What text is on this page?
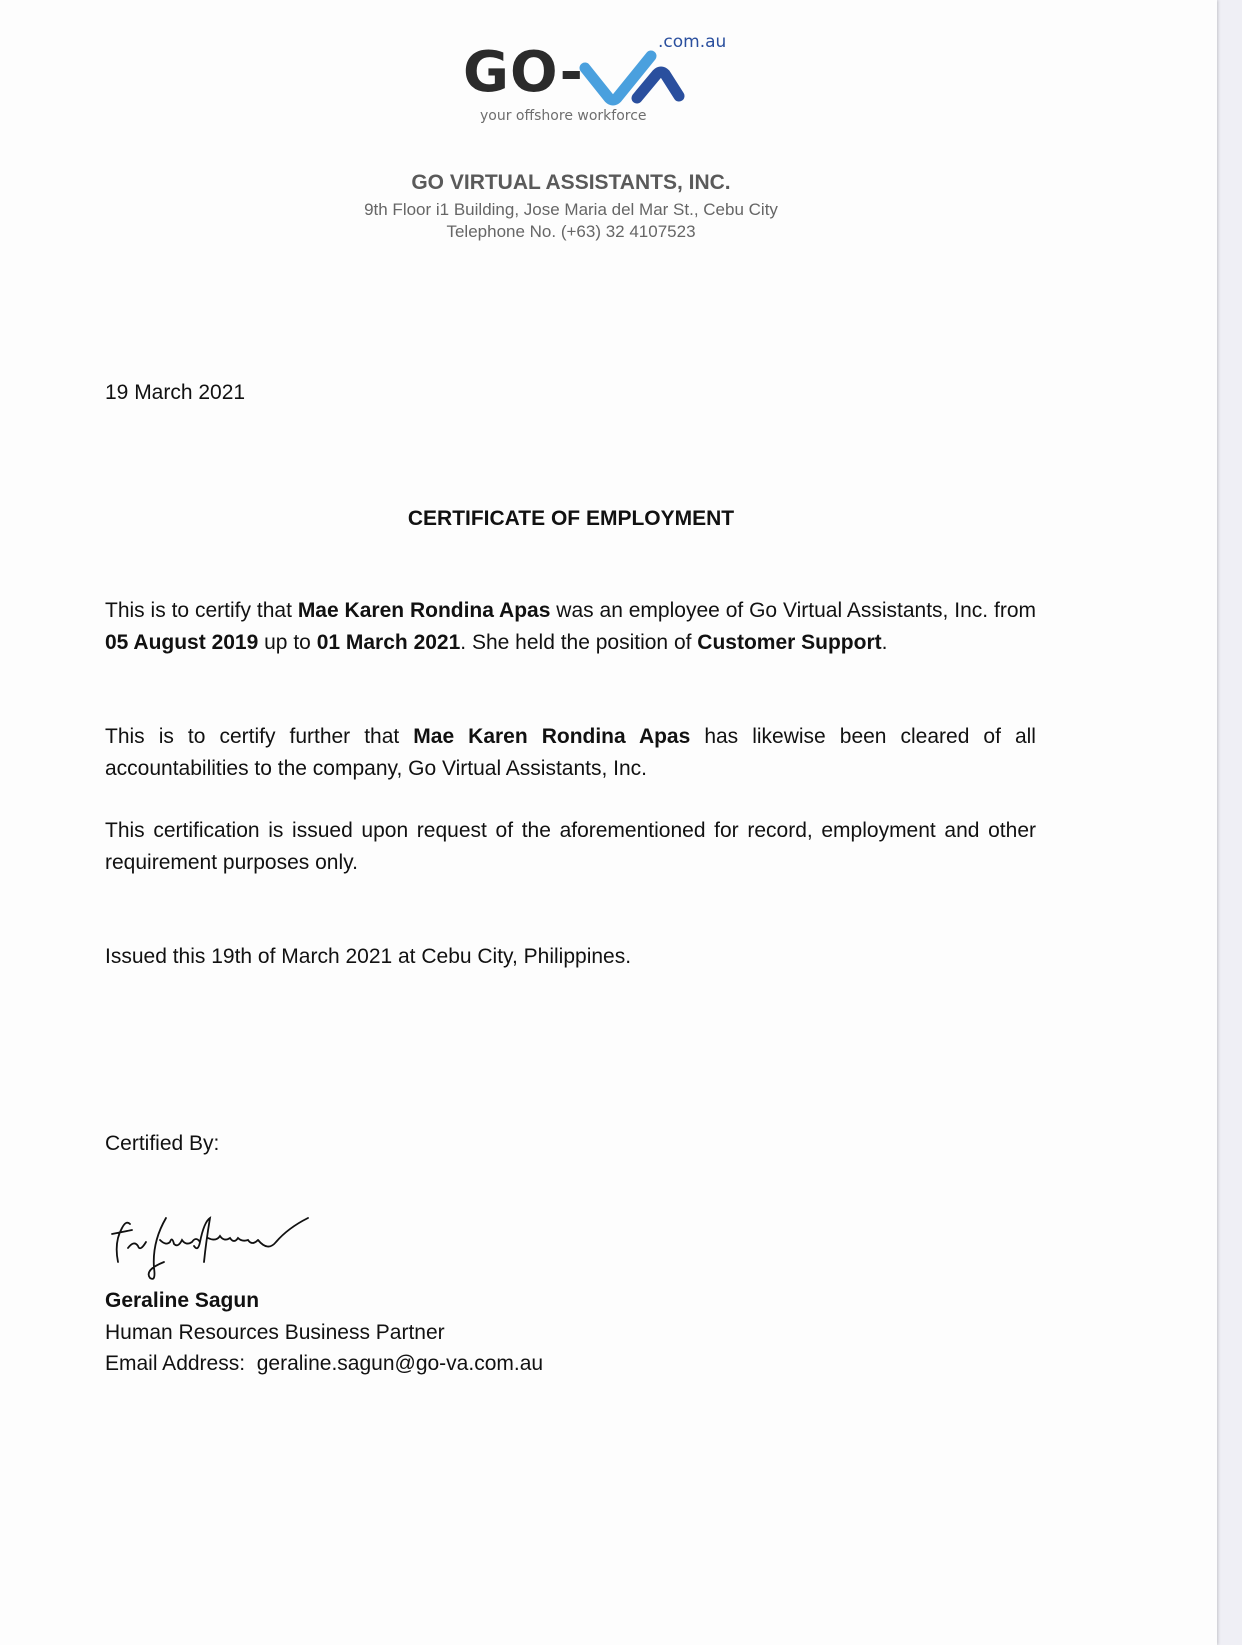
GO-	.com.au
your offshore workforce
GO VIRTUAL ASSISTANTS, INC.
9th Floor i1 Building, Jose Maria del Mar St., Cebu City
Telephone No. (+63) 32 4107523
19 March 2021
CERTIFICATE OF EMPLOYMENT
This is to certify that Mae Karen Rondina Apas was an employee of Go Virtual Assistants, Inc. from 05 August 2019 up to 01 March 2021. She held the position of Customer Support.
This is to certify further that Mae Karen Rondina Apas has likewise been cleared of all accountabilities to the company, Go Virtual Assistants, Inc.
This certification is issued upon request of the aforementioned for record, employment and other requirement purposes only.
Issued this 19th of March 2021 at Cebu City, Philippines.
Certified By:
Geraline Sagun
Human Resources Business Partner
Email Address: geraline.sagun@go-va.com.au
